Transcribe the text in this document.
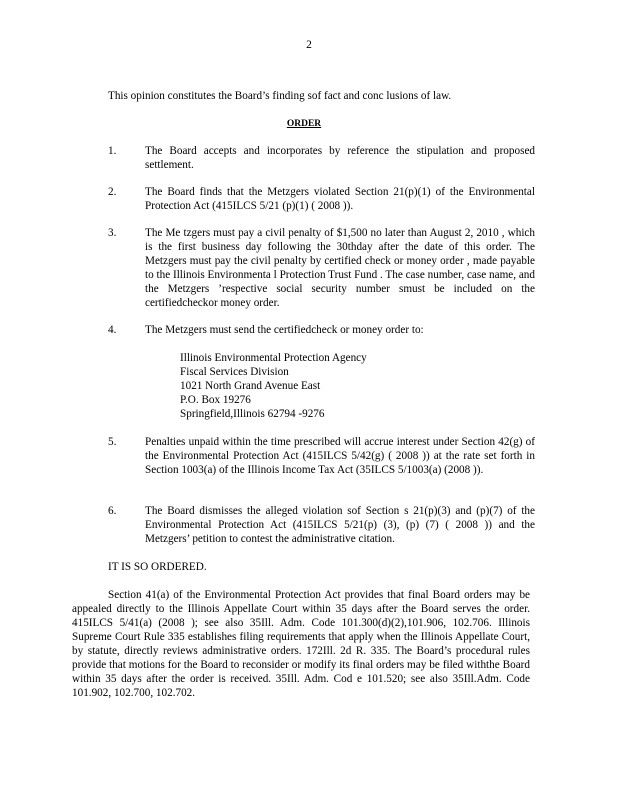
2
This opinion constitutes the Board’s finding sof fact and conc lusions of law.
ORDER
1.	The Board accepts and incorporates by reference the stipulation and proposed settlement.
2.	The Board finds that the Metzgers violated Section 21(p)(1) of the Environmental Protection Act (415ILCS 5/21 (p)(1) ( 2008 )).
3.	The Me tzgers must pay a civil penalty of $1,500 no later than August 2, 2010 , which is the first business day following the 30thday after the date of this order. The Metzgers must pay the civil penalty by certified check or money order , made payable to the Illinois Environmenta l Protection Trust Fund . The case number, case name, and the Metzgers ’respective social security number smust be included on the certifiedcheckor money order.
4.	The Metzgers must send the certifiedcheck or money order to:
Illinois Environmental Protection Agency
Fiscal Services Division
1021 North Grand Avenue East
P.O. Box 19276
Springfield,Illinois 62794 -9276
5.	Penalties unpaid within the time prescribed will accrue interest under Section 42(g) of the Environmental Protection Act (415ILCS 5/42(g) ( 2008 )) at the rate set forth in Section 1003(a) of the Illinois Income Tax Act (35ILCS 5/1003(a) (2008 )).
6.	The Board dismisses the alleged violation sof Section s 21(p)(3) and (p)(7) of the Environmental Protection Act (415ILCS 5/21(p) (3), (p) (7) ( 2008 )) and the Metzgers’ petition to contest the administrative citation.
IT IS SO ORDERED.
Section 41(a) of the Environmental Protection Act provides that final Board orders may be appealed directly to the Illinois Appellate Court within 35 days after the Board serves the order. 415ILCS 5/41(a) (2008 ); see also 35Ill. Adm. Code 101.300(d)(2),101.906, 102.706. Illinois Supreme Court Rule 335 establishes filing requirements that apply when the Illinois Appellate Court, by statute, directly reviews administrative orders. 172Ill. 2d R. 335. The Board’s procedural rules provide that motions for the Board to reconsider or modify its final orders may be filed withthe Board within 35 days after the order is received. 35Ill. Adm. Cod e 101.520; see also 35Ill.Adm. Code 101.902, 102.700, 102.702.
